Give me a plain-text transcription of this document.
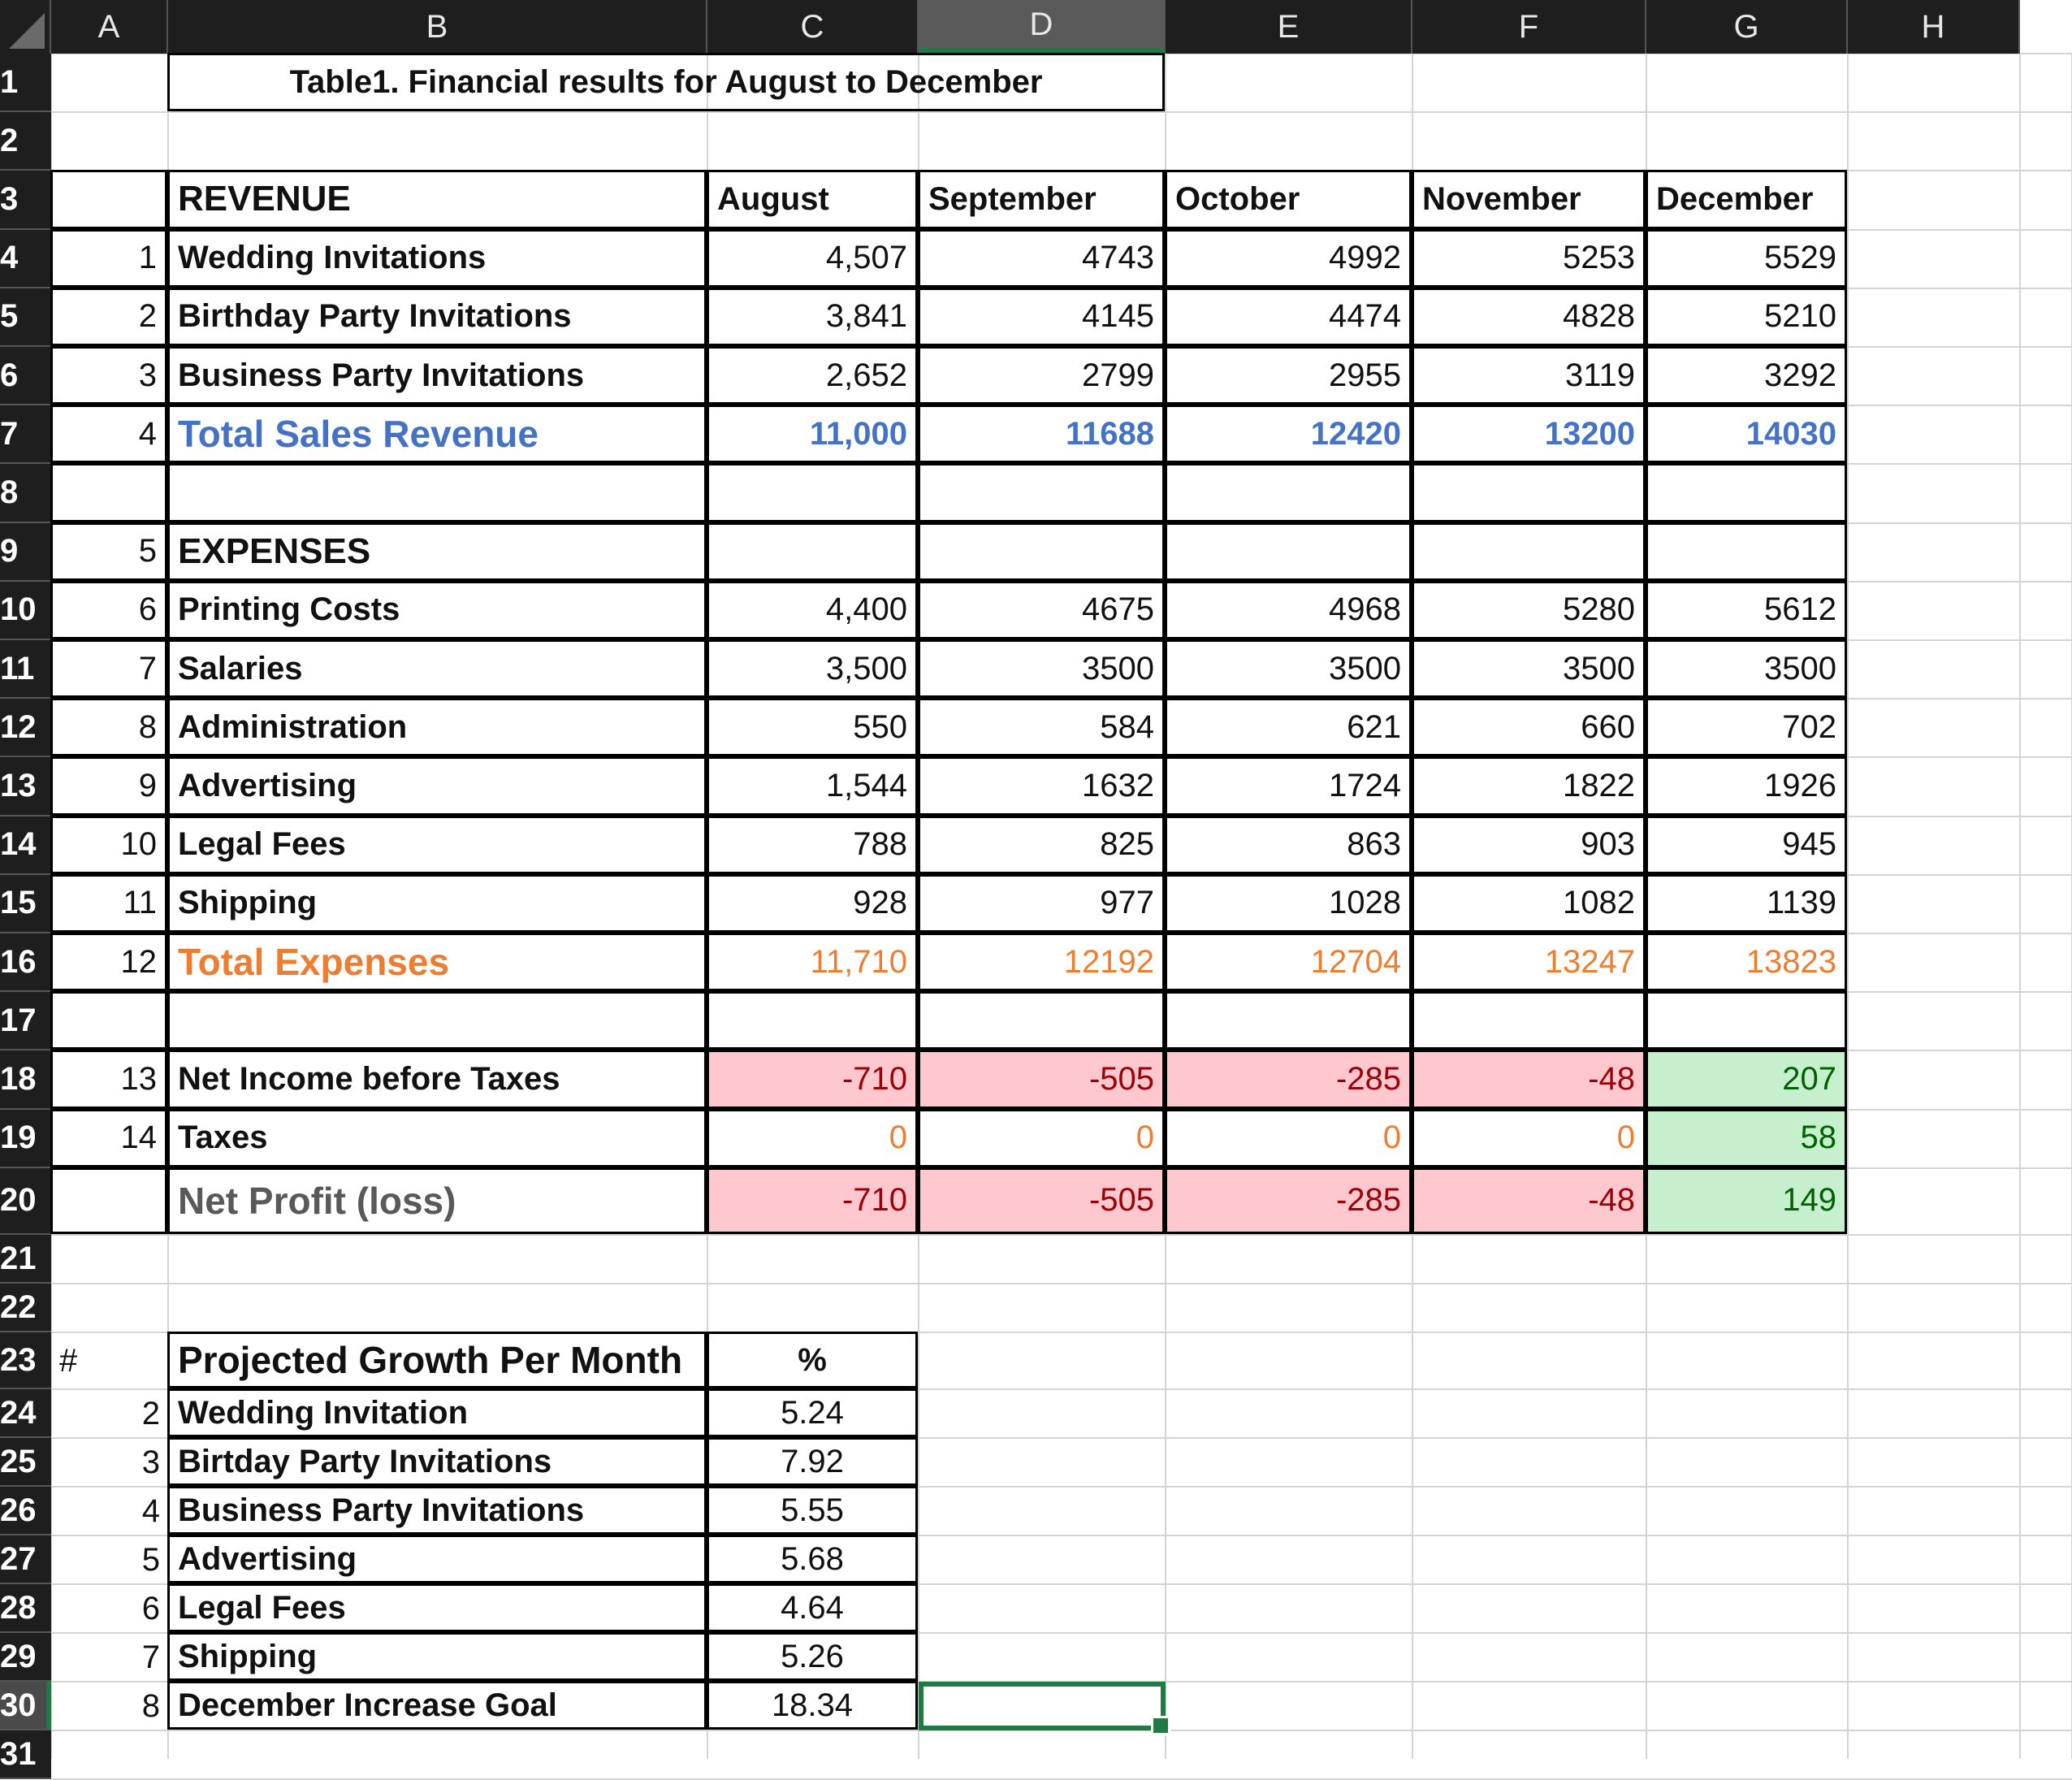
A	B	C	D	E	F	G	H
1
2
3
4
5
6
7
8
9
10
11
12
13
14
15
16
17
18
19
20
21
22
23
24
25
26
27
28
29
30
31
Table1. Financial results for August to December
REVENUE	August	September	October	November	December
1 Wedding Invitations	4,507	4743	4992	5253	5529
2 Birthday Party Invitations	3,841	4145	4474	4828	5210
3 Business Party Invitations	2,652	2799	2955	3119	3292
4 Total Sales Revenue	11,000	11688	12420	13200	14030
5 EXPENSES
6 Printing Costs	4,400	4675	4968	5280	5612
7 Salaries	3,500	3500	3500	3500	3500
8 Administration	550	584	621	660	702
9 Advertising	1,544	1632	1724	1822	1926
10 Legal Fees	788	825	863	903	945
11 Shipping	928	977	1028	1082	1139
12 Total Expenses	11,710	12192	12704	13247	13823
13 Net Income before Taxes	-710	-505	-285	-48	207
14 Taxes	0	0	0	0	58
Net Profit (loss)	-710	-505	-285	-48	149
#	Projected Growth Per Month	%
2 Wedding Invitation	5.24
3 Birtday Party Invitations	7.92
4 Business Party Invitations	5.55
5 Advertising	5.68
6 Legal Fees	4.64
7 Shipping	5.26
8 December Increase Goal	18.34
